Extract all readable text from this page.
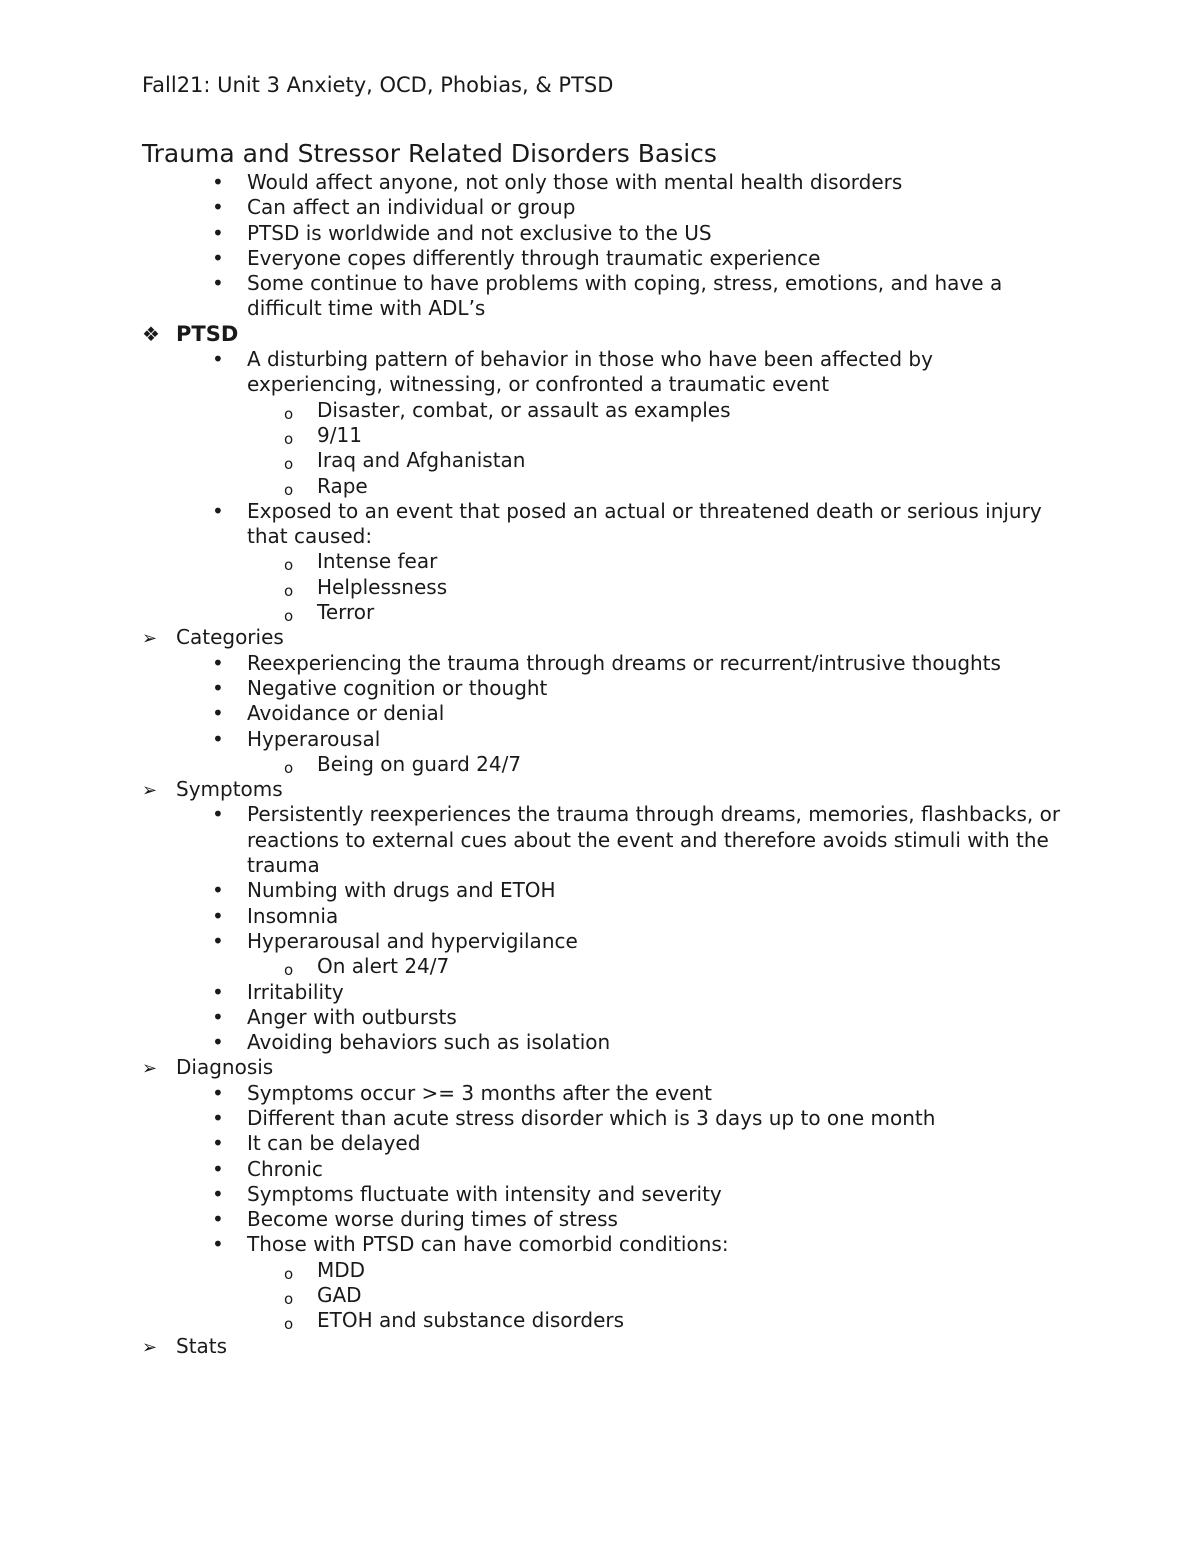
Fall21: Unit 3 Anxiety, OCD, Phobias, & PTSD
Trauma and Stressor Related Disorders Basics
• Would affect anyone, not only those with mental health disorders
• Can affect an individual or group
• PTSD is worldwide and not exclusive to the US
• Everyone copes differently through traumatic experience
• Some continue to have problems with coping, stress, emotions, and have a difficult time with ADL’s
❖ PTSD
• A disturbing pattern of behavior in those who have been affected by experiencing, witnessing, or confronted a traumatic event
o Disaster, combat, or assault as examples
o 9/11
o Iraq and Afghanistan
o Rape
• Exposed to an event that posed an actual or threatened death or serious injury that caused:
o Intense fear
o Helplessness
o Terror
➢ Categories
• Reexperiencing the trauma through dreams or recurrent/intrusive thoughts
• Negative cognition or thought
• Avoidance or denial
• Hyperarousal
o Being on guard 24/7
➢ Symptoms
• Persistently reexperiences the trauma through dreams, memories, flashbacks, or reactions to external cues about the event and therefore avoids stimuli with the trauma
• Numbing with drugs and ETOH
• Insomnia
• Hyperarousal and hypervigilance
o On alert 24/7
• Irritability
• Anger with outbursts
• Avoiding behaviors such as isolation
➢ Diagnosis
• Symptoms occur >= 3 months after the event
• Different than acute stress disorder which is 3 days up to one month
• It can be delayed
• Chronic
• Symptoms fluctuate with intensity and severity
• Become worse during times of stress
• Those with PTSD can have comorbid conditions:
o MDD
o GAD
o ETOH and substance disorders
➢ Stats
